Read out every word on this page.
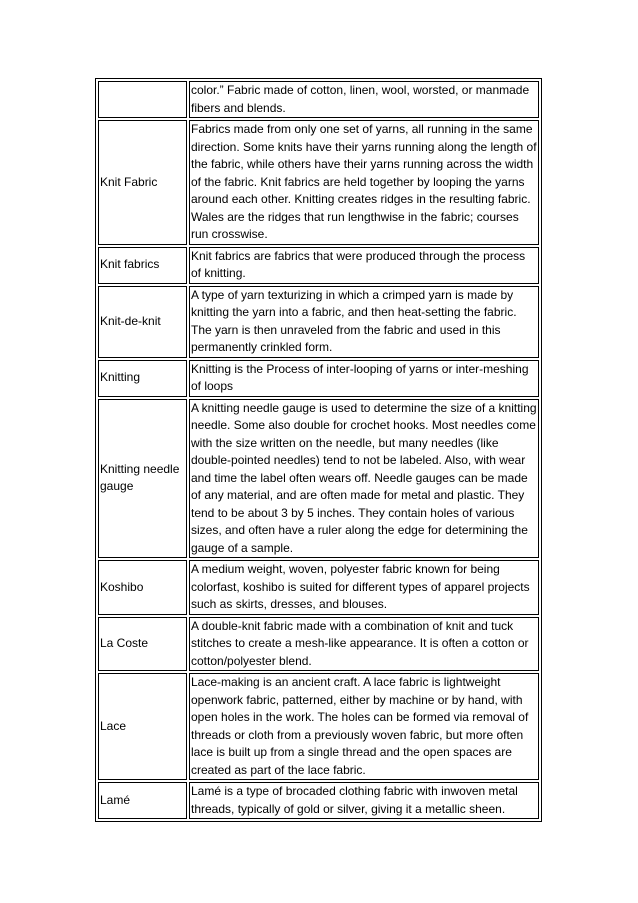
	color.” Fabric made of cotton, linen, wool, worsted, or manmade fibers and blends.
Knit Fabric	Fabrics made from only one set of yarns, all running in the same direction. Some knits have their yarns running along the length of the fabric, while others have their yarns running across the width of the fabric. Knit fabrics are held together by looping the yarns around each other. Knitting creates ridges in the resulting fabric. Wales are the ridges that run lengthwise in the fabric; courses run crosswise.
Knit fabrics	Knit fabrics are fabrics that were produced through the process of knitting.
Knit-de-knit	A type of yarn texturizing in which a crimped yarn is made by knitting the yarn into a fabric, and then heat-setting the fabric. The yarn is then unraveled from the fabric and used in this permanently crinkled form.
Knitting	Knitting is the Process of inter-looping of yarns or inter-meshing of loops
Knitting needle gauge	A knitting needle gauge is used to determine the size of a knitting needle. Some also double for crochet hooks. Most needles come with the size written on the needle, but many needles (like double-pointed needles) tend to not be labeled. Also, with wear and time the label often wears off. Needle gauges can be made of any material, and are often made for metal and plastic. They tend to be about 3 by 5 inches. They contain holes of various sizes, and often have a ruler along the edge for determining the gauge of a sample.
Koshibo	A medium weight, woven, polyester fabric known for being colorfast, koshibo is suited for different types of apparel projects such as skirts, dresses, and blouses.
La Coste	A double-knit fabric made with a combination of knit and tuck stitches to create a mesh-like appearance. It is often a cotton or cotton/polyester blend.
Lace	Lace-making is an ancient craft. A lace fabric is lightweight openwork fabric, patterned, either by machine or by hand, with open holes in the work. The holes can be formed via removal of threads or cloth from a previously woven fabric, but more often lace is built up from a single thread and the open spaces are created as part of the lace fabric.
Lamé	Lamé is a type of brocaded clothing fabric with inwoven metal threads, typically of gold or silver, giving it a metallic sheen.
